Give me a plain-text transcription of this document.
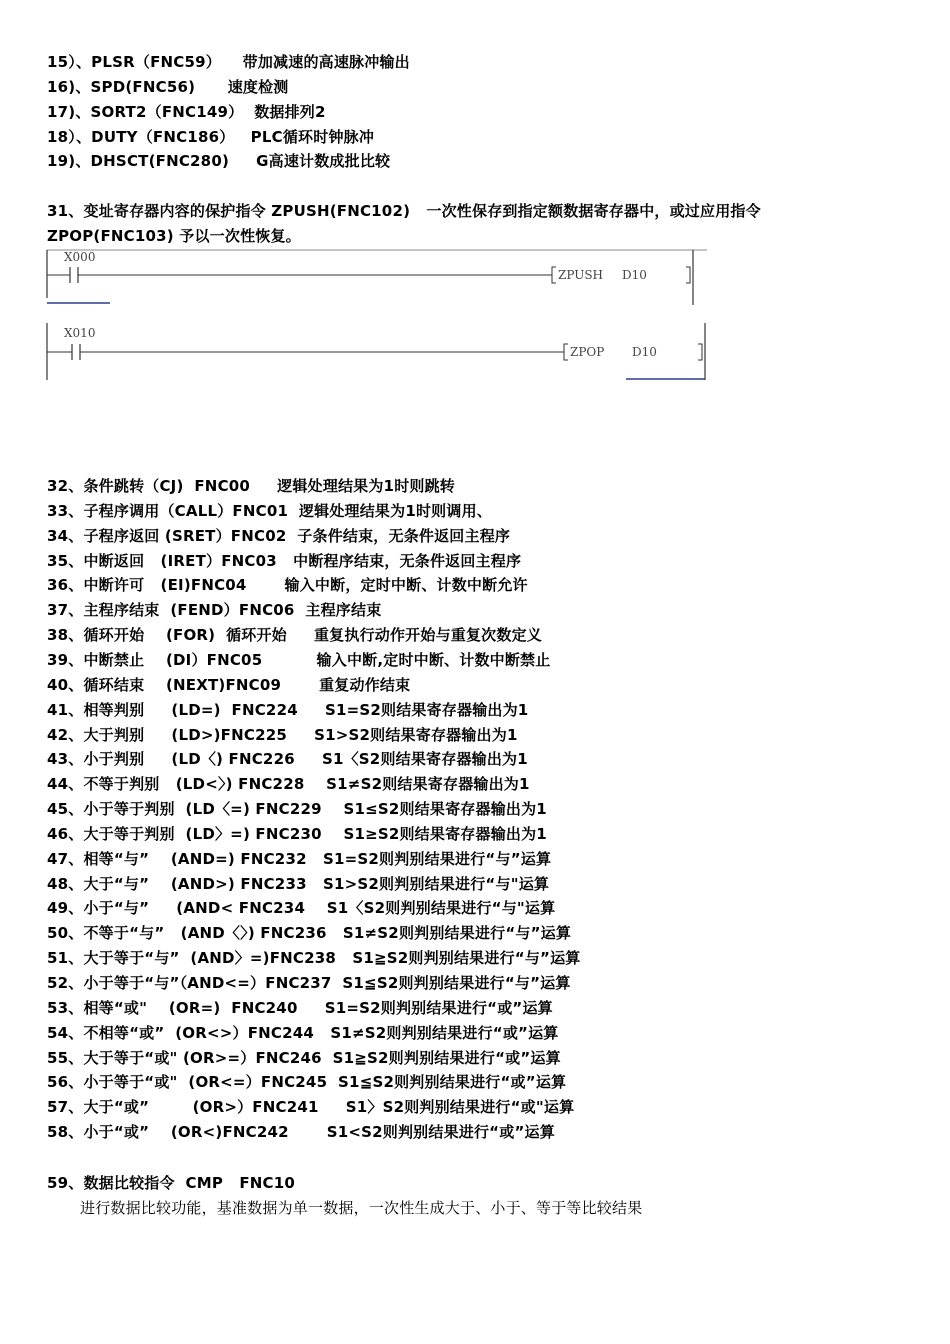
15）、PLSR（FNC59）    带加减速的高速脉冲输出
16)、SPD(FNC56)      速度检测
17)、SORT2（FNC149）  数据排列2
18）、DUTY（FNC186）   PLC循环时钟脉冲
19)、DHSCT(FNC280)     G高速计数成批比较
31、变址寄存器内容的保护指令 ZPUSH(FNC102)   一次性保存到指定额数据寄存器中，或过应用指令
ZPOP(FNC103) 予以一次性恢复。
X000
ZPUSH D10
X010
ZPOP D10
32、条件跳转（CJ)  FNC00     逻辑处理结果为1时则跳转
33、子程序调用（CALL）FNC01  逻辑处理结果为1时则调用、
34、子程序返回 (SRET）FNC02  子条件结束，无条件返回主程序
35、中断返回   (IRET）FNC03   中断程序结束，无条件返回主程序
36、中断许可   (EI)FNC04       输入中断，定时中断、计数中断允许
37、主程序结束  (FEND）FNC06  主程序结束
38、循环开始    (FOR)  循环开始     重复执行动作开始与重复次数定义
39、中断禁止    (DI）FNC05          输入中断,定时中断、计数中断禁止
40、循环结束    (NEXT)FNC09       重复动作结束
41、相等判别     (LD=)  FNC224     S1=S2则结果寄存器输出为1
42、大于判别     (LD>)FNC225     S1>S2则结果寄存器输出为1
43、小于判别     (LD〈) FNC226     S1〈S2则结果寄存器输出为1
44、不等于判别   (LD<〉) FNC228    S1≠S2则结果寄存器输出为1
45、小于等于判别  (LD〈=) FNC229    S1≤S2则结果寄存器输出为1
46、大于等于判别  (LD〉=) FNC230    S1≥S2则结果寄存器输出为1
47、相等“与”    (AND=) FNC232   S1=S2则判别结果进行“与”运算
48、大于“与”    (AND>) FNC233   S1>S2则判别结果进行“与"运算
49、小于“与”     (AND< FNC234    S1〈S2则判别结果进行“与"运算
50、不等于“与”   (AND〈〉) FNC236   S1≠S2则判别结果进行“与”运算
51、大于等于“与”  (AND〉=)FNC238   S1≧S2则判别结果进行“与”运算
52、小于等于“与”（AND<=）FNC237  S1≦S2则判别结果进行“与”运算
53、相等“或"    (OR=)  FNC240     S1=S2则判别结果进行“或”运算
54、不相等“或”  (OR<>）FNC244   S1≠S2则判别结果进行“或”运算
55、大于等于“或" (OR>=）FNC246  S1≧S2则判别结果进行“或”运算
56、小于等于“或"  (OR<=）FNC245  S1≦S2则判别结果进行“或”运算
57、大于“或”        (OR>）FNC241     S1〉S2则判别结果进行“或"运算
58、小于“或”    (OR<)FNC242       S1<S2则判别结果进行“或”运算
59、数据比较指令  CMP   FNC10
进行数据比较功能，基准数据为单一数据，一次性生成大于、小于、等于等比较结果
